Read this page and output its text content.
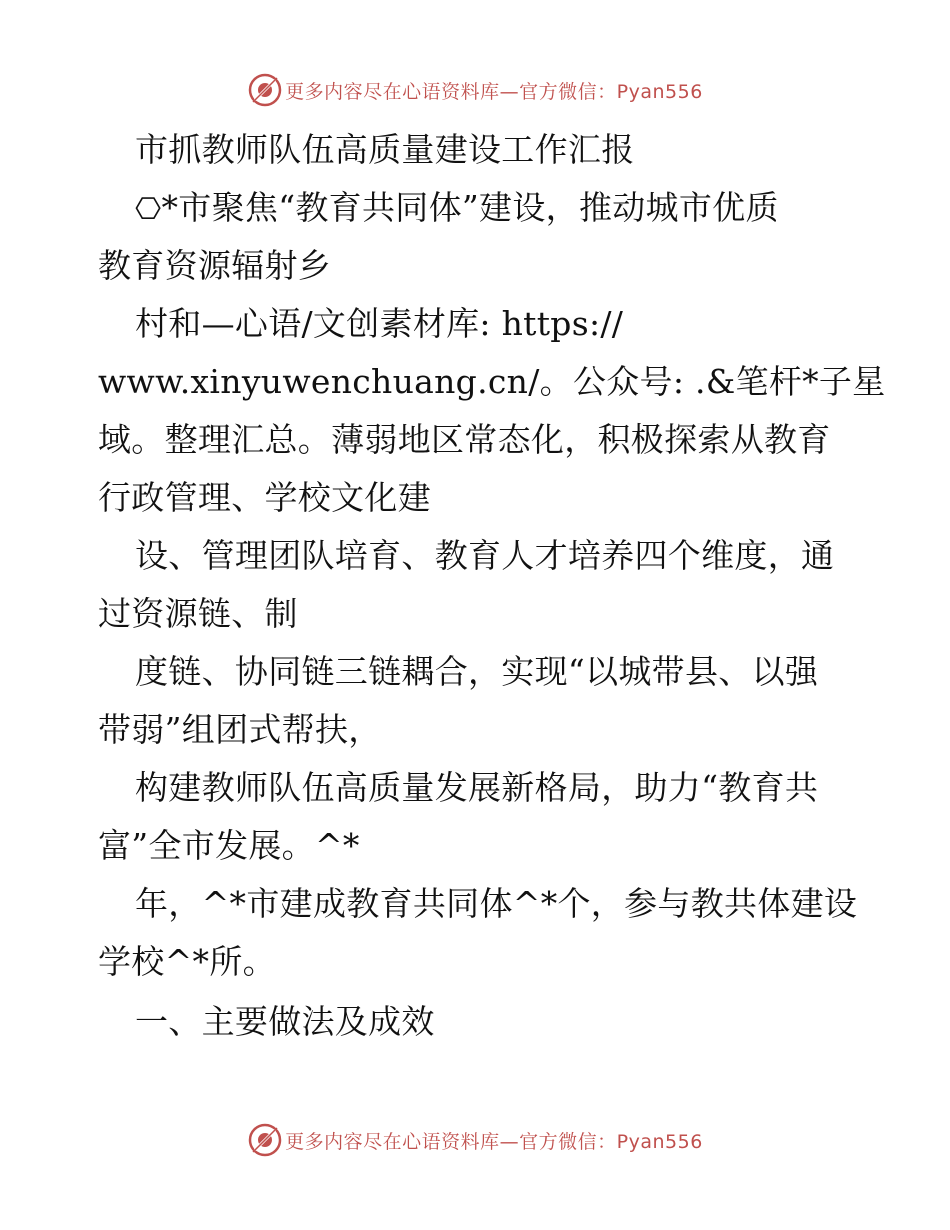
更多内容尽在心语资料库—官方微信：Pyan556
市抓教师队伍高质量建设工作汇报
⎔*市聚焦“教育共同体”建设，推动城市优质
教育资源辐射乡
村和—心语/文创素材库: https://
www.xinyuwenchuang.cn/。公众号: .&笔杆*子星
域。整理汇总。薄弱地区常态化，积极探索从教育
行政管理、学校文化建
设、管理团队培育、教育人才培养四个维度，通
过资源链、制
度链、协同链三链耦合，实现“以城带县、以强
带弱”组团式帮扶，
构建教师队伍高质量发展新格局，助力“教育共
富”全市发展。^*
年，^*市建成教育共同体^*个，参与教共体建设
学校^*所。
一、主要做法及成效
更多内容尽在心语资料库—官方微信：Pyan556
